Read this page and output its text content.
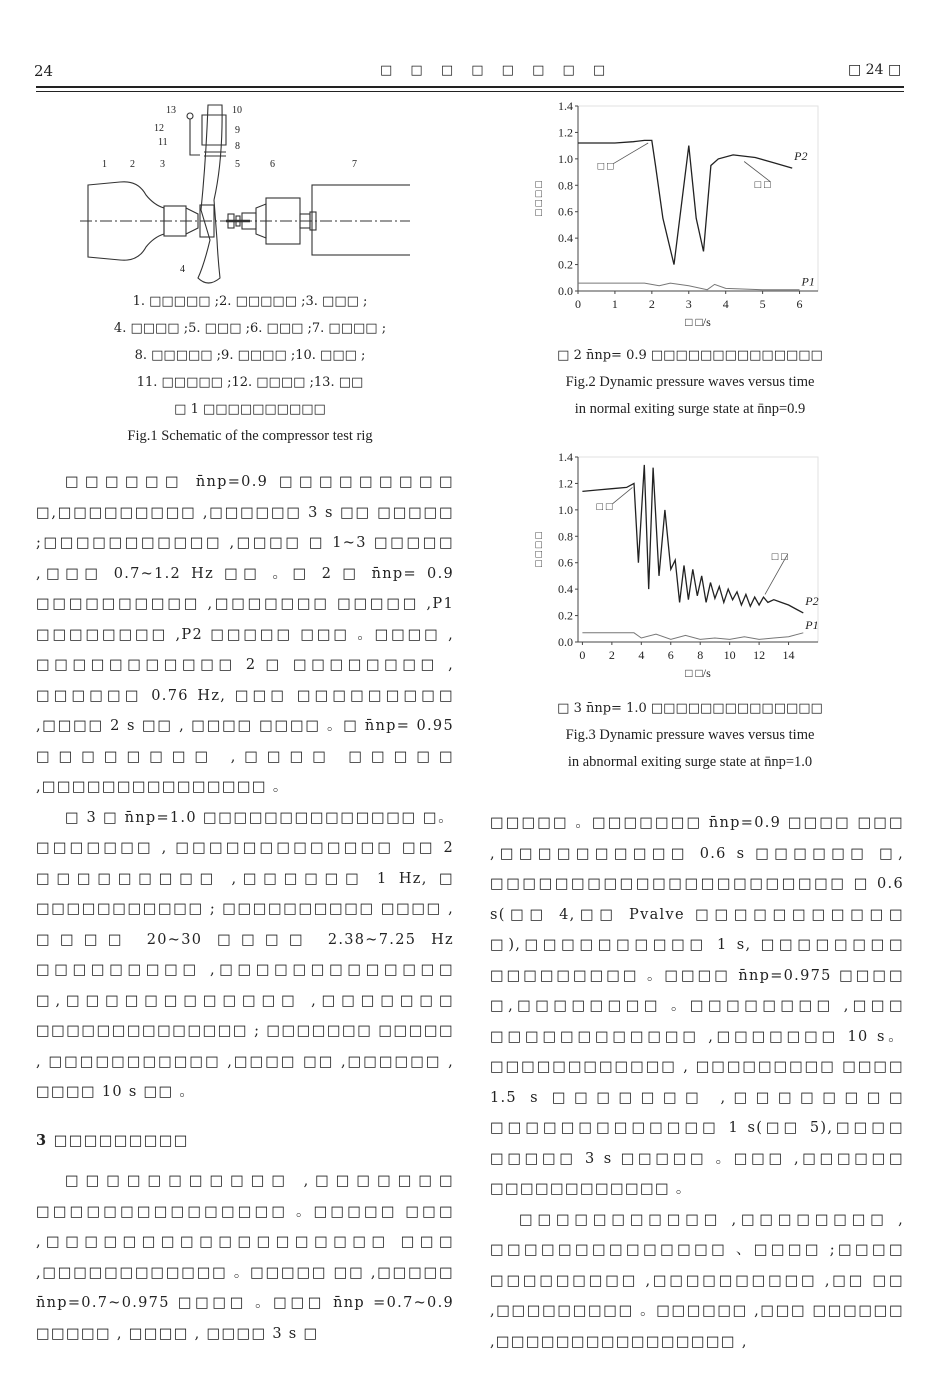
24	□ □ □ □ □ □ □ □	□ 24 □
13	10
12	9
11	8
1 2	3	5	6	7
4
1. □□□□□ ;2. □□□□□ ;3. □□□ ;
4. □□□□ ;5. □□□ ;6. □□□ ;7. □□□□ ;
8. □□□□□ ;9. □□□□ ;10. □□□ ;
11. □□□□□ ;12. □□□□ ;13. □□
□ 1 □□□□□□□□□□
Fig.1 Schematic of the compressor test rig
0.0
0.2
0.4
0.6
0.8
1.0
1.2
1.4
0	1	2	3	4	5	6
□ □/s
□ □ □ □
P2
P1
□ □
□ □
□ 2 n̄np= 0.9 □□□□□□□□□□□□□□
Fig.2 Dynamic pressure waves versus time
in normal exiting surge state at n̄np=0.9
0.0
0.2
0.4
0.6
0.8
1.0
1.2
1.4
0 2 4 6 8 10 12 14
□ □/s
□ □ □ □
P2
P1
□ □
□ □
□ 3 n̄np= 1.0 □□□□□□□□□□□□□□
Fig.3 Dynamic pressure waves versus time
in abnormal exiting surge state at n̄np=1.0

□□□□□□ n̄np=0.9 □□□□□□□□□ □,□□□□□□□□□ ,□□□□□□ 3 s □□ □□□□□ ;□□□□□□□□□□□ ,□□□□ □ 1~3 □□□□□ ,□□□ 0.7~1.2 Hz □□ 。□ 2 □ n̄np= 0.9 □□□□□□□□□□ ,□□□□□□□ □□□□□ ,P1 □□□□□□□□ ,P2 □□□□□ □□□ 。□□□□ , □□□□□□□□□□□ 2 □ □□□□□□□□ , □□□□□□ 0.76 Hz, □□□ □□□□□□□□□ ,□□□□ 2 s □□ , □□□□ □□□□ 。□ n̄np= 0.95 □□□□□□□□ ,□□□□ □□□□□ ,□□□□□□□□□□□□□□□ 。

□ 3 □ n̄np=1.0 □□□□□□□□□□□□□□ □。□□□□□□□ , □□□□□□□□□□□□□ □□ 2 □□□□□□□□□ ,□□□□□□ 1 Hz, □ □□□□□□□□□□□ ; □□□□□□□□□□ □□□□ , □□□□ 20~30 □□□□ 2.38~7.25 Hz □□□□□□□□□ ,□□□□□□□□□□□□□ □,□□□□□□□□□□□□ ,□□□□□□□ □□□□□□□□□□□□□□ ; □□□□□□□ □□□□□ , □□□□□□□□□□□ ,□□□□ □□ ,□□□□□□ , □□□□ 10 s □□ 。

3 □□□□□□□□□

□□□□□□□□□□□ ,□□□□□□□ □□□□□□□□□□□□□□□ 。□□□□□ □□□ ,□□□□□□□□□□□□□□□□□□ □□□ ,□□□□□□□□□□□□ 。□□□□□ □□ ,□□□□□ n̄np=0.7~0.975 □□□□ 。□□□ n̄np =0.7~0.9 □□□□□ , □□□□ , □□□□ 3 s □

□□□□□ 。□□□□□□□ n̄np=0.9 □□□□ □□□ ,□□□□□□□□□□ 0.6 s □□□□□□ □, □□□□□□□□□□□□□□□□□□□□□□ □ 0.6 s(□□ 4,□□ Pvalve □□□□□□□□□□□ □),□□□□□□□□□□ 1 s, □□□□□□□□ □□□□□□□□□ 。□□□□ n̄np=0.975 □□□□ □,□□□□□□□□ 。□□□□□□□□ ,□□□ □□□□□□□□□□□□ ,□□□□□□□ 10 s。 □□□□□□□□□□□□ , □□□□□□□□□ □□□□ 1.5 s □□□□□□□ ,□□□□□□□□ □□□□□□□□□□□□□ 1 s(□□ 5),□□□□ □□□□□ 3 s □□□□□ 。□□□ ,□□□□□□ □□□□□□□□□□□□ 。

□□□□□□□□□□□ ,□□□□□□□□ , □□□□□□□□□□□□□□ 、□□□□ ;□□□□ □□□□□□□□□ ,□□□□□□□□□□ ,□□ □□ ,□□□□□□□□□ 。□□□□□□ ,□□□ □□□□□□ ,□□□□□□□□□□□□□□□□ ,
